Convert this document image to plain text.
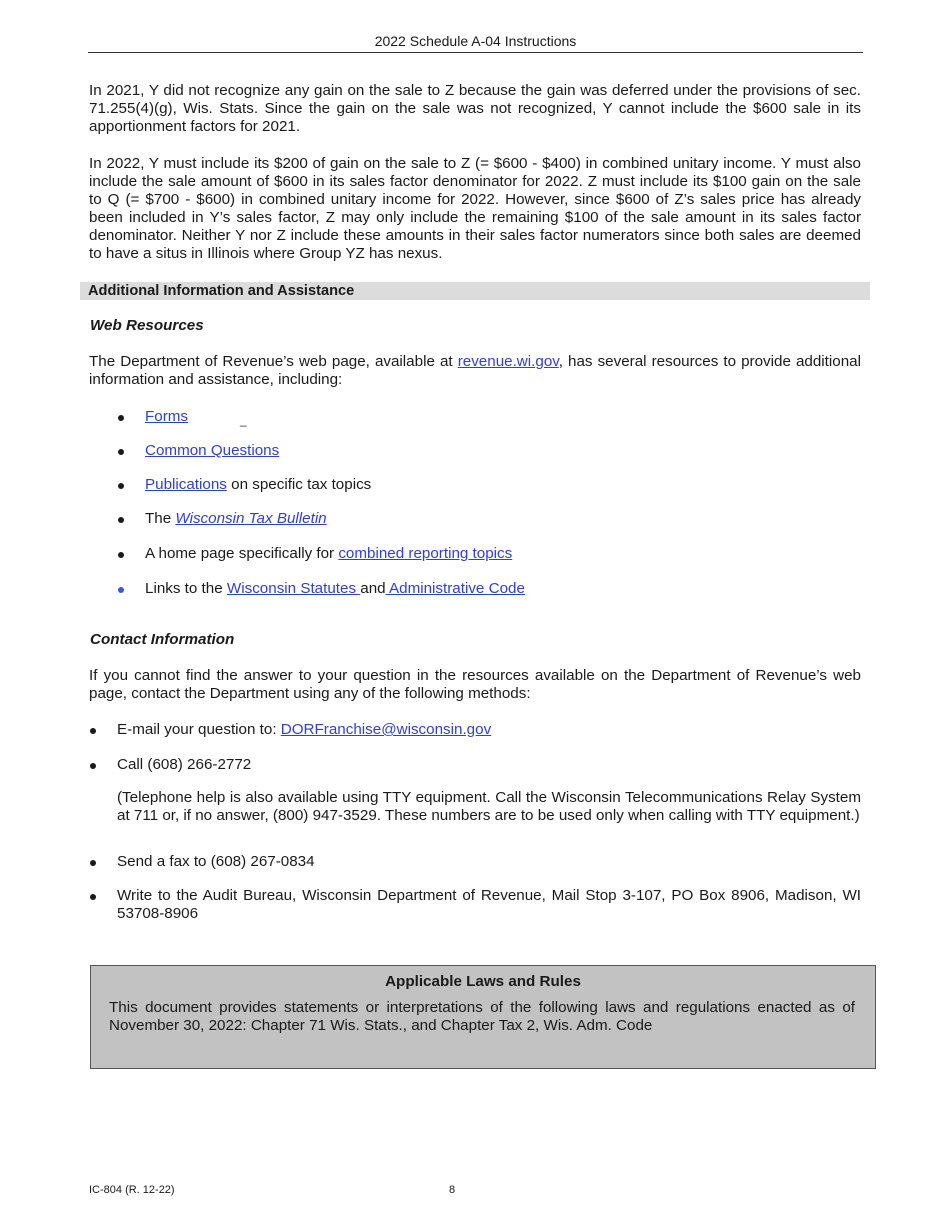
2022 Schedule A-04 Instructions

In 2021, Y did not recognize any gain on the sale to Z because the gain was deferred under the provisions of sec. 71.255(4)(g), Wis. Stats. Since the gain on the sale was not recognized, Y cannot include the $600 sale in its apportionment factors for 2021.

In 2022, Y must include its $200 of gain on the sale to Z (= $600 - $400) in combined unitary income. Y must also include the sale amount of $600 in its sales factor denominator for 2022. Z must include its $100 gain on the sale to Q (= $700 - $600) in combined unitary income for 2022. However, since $600 of Z’s sales price has already been included in Y’s sales factor, Z may only include the remaining $100 of the sale amount in its sales factor denominator. Neither Y nor Z include these amounts in their sales factor numerators since both sales are deemed to have a situs in Illinois where Group YZ has nexus.

Additional Information and Assistance
Web Resources

The Department of Revenue’s web page, available at revenue.wi.gov, has several resources to provide additional information and assistance, including:

Forms	_
Common Questions
Publications on specific tax topics
The Wisconsin Tax Bulletin
A home page specifically for combined reporting topics
Links to the Wisconsin Statutes and Administrative Code
Contact Information

If you cannot find the answer to your question in the resources available on the Department of Revenue’s web page, contact the Department using any of the following methods:

E-mail your question to: DORFranchise@wisconsin.gov
Call (608) 266-2772

(Telephone help is also available using TTY equipment. Call the Wisconsin Telecommunications Relay System at 711 or, if no answer, (800) 947-3529. These numbers are to be used only when calling with TTY equipment.)

Send a fax to (608) 267-0834

Write to the Audit Bureau, Wisconsin Department of Revenue, Mail Stop 3-107, PO Box 8906, Madison, WI 53708-8906

Applicable Laws and Rules

This document provides statements or interpretations of the following laws and regulations enacted as of November 30, 2022: Chapter 71 Wis. Stats., and Chapter Tax 2, Wis. Adm. Code

IC-804 (R. 12-22)	8
